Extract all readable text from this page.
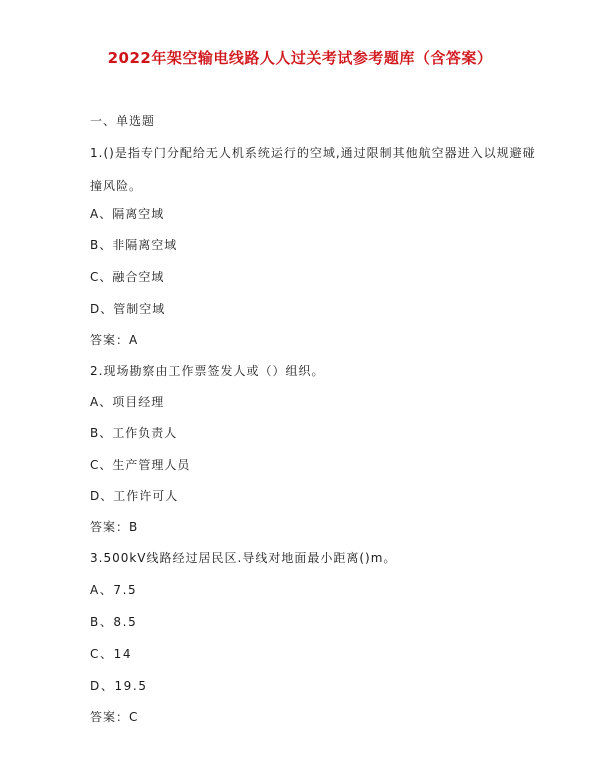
2022年架空输电线路人人过关考试参考题库（含答案）
一、单选题
1.()是指专门分配给无人机系统运行的空域,通过限制其他航空器进入以规避碰
撞风险。
A、隔离空域
B、非隔离空域
C、融合空域
D、管制空域
答案：A
2.现场勘察由工作票签发人或（）组织。
A、项目经理
B、工作负责人
C、生产管理人员
D、工作许可人
答案：B
3.500kV线路经过居民区.导线对地面最小距离()m。
A、7.5
B、8.5
C、14
D、19.5
答案：C
